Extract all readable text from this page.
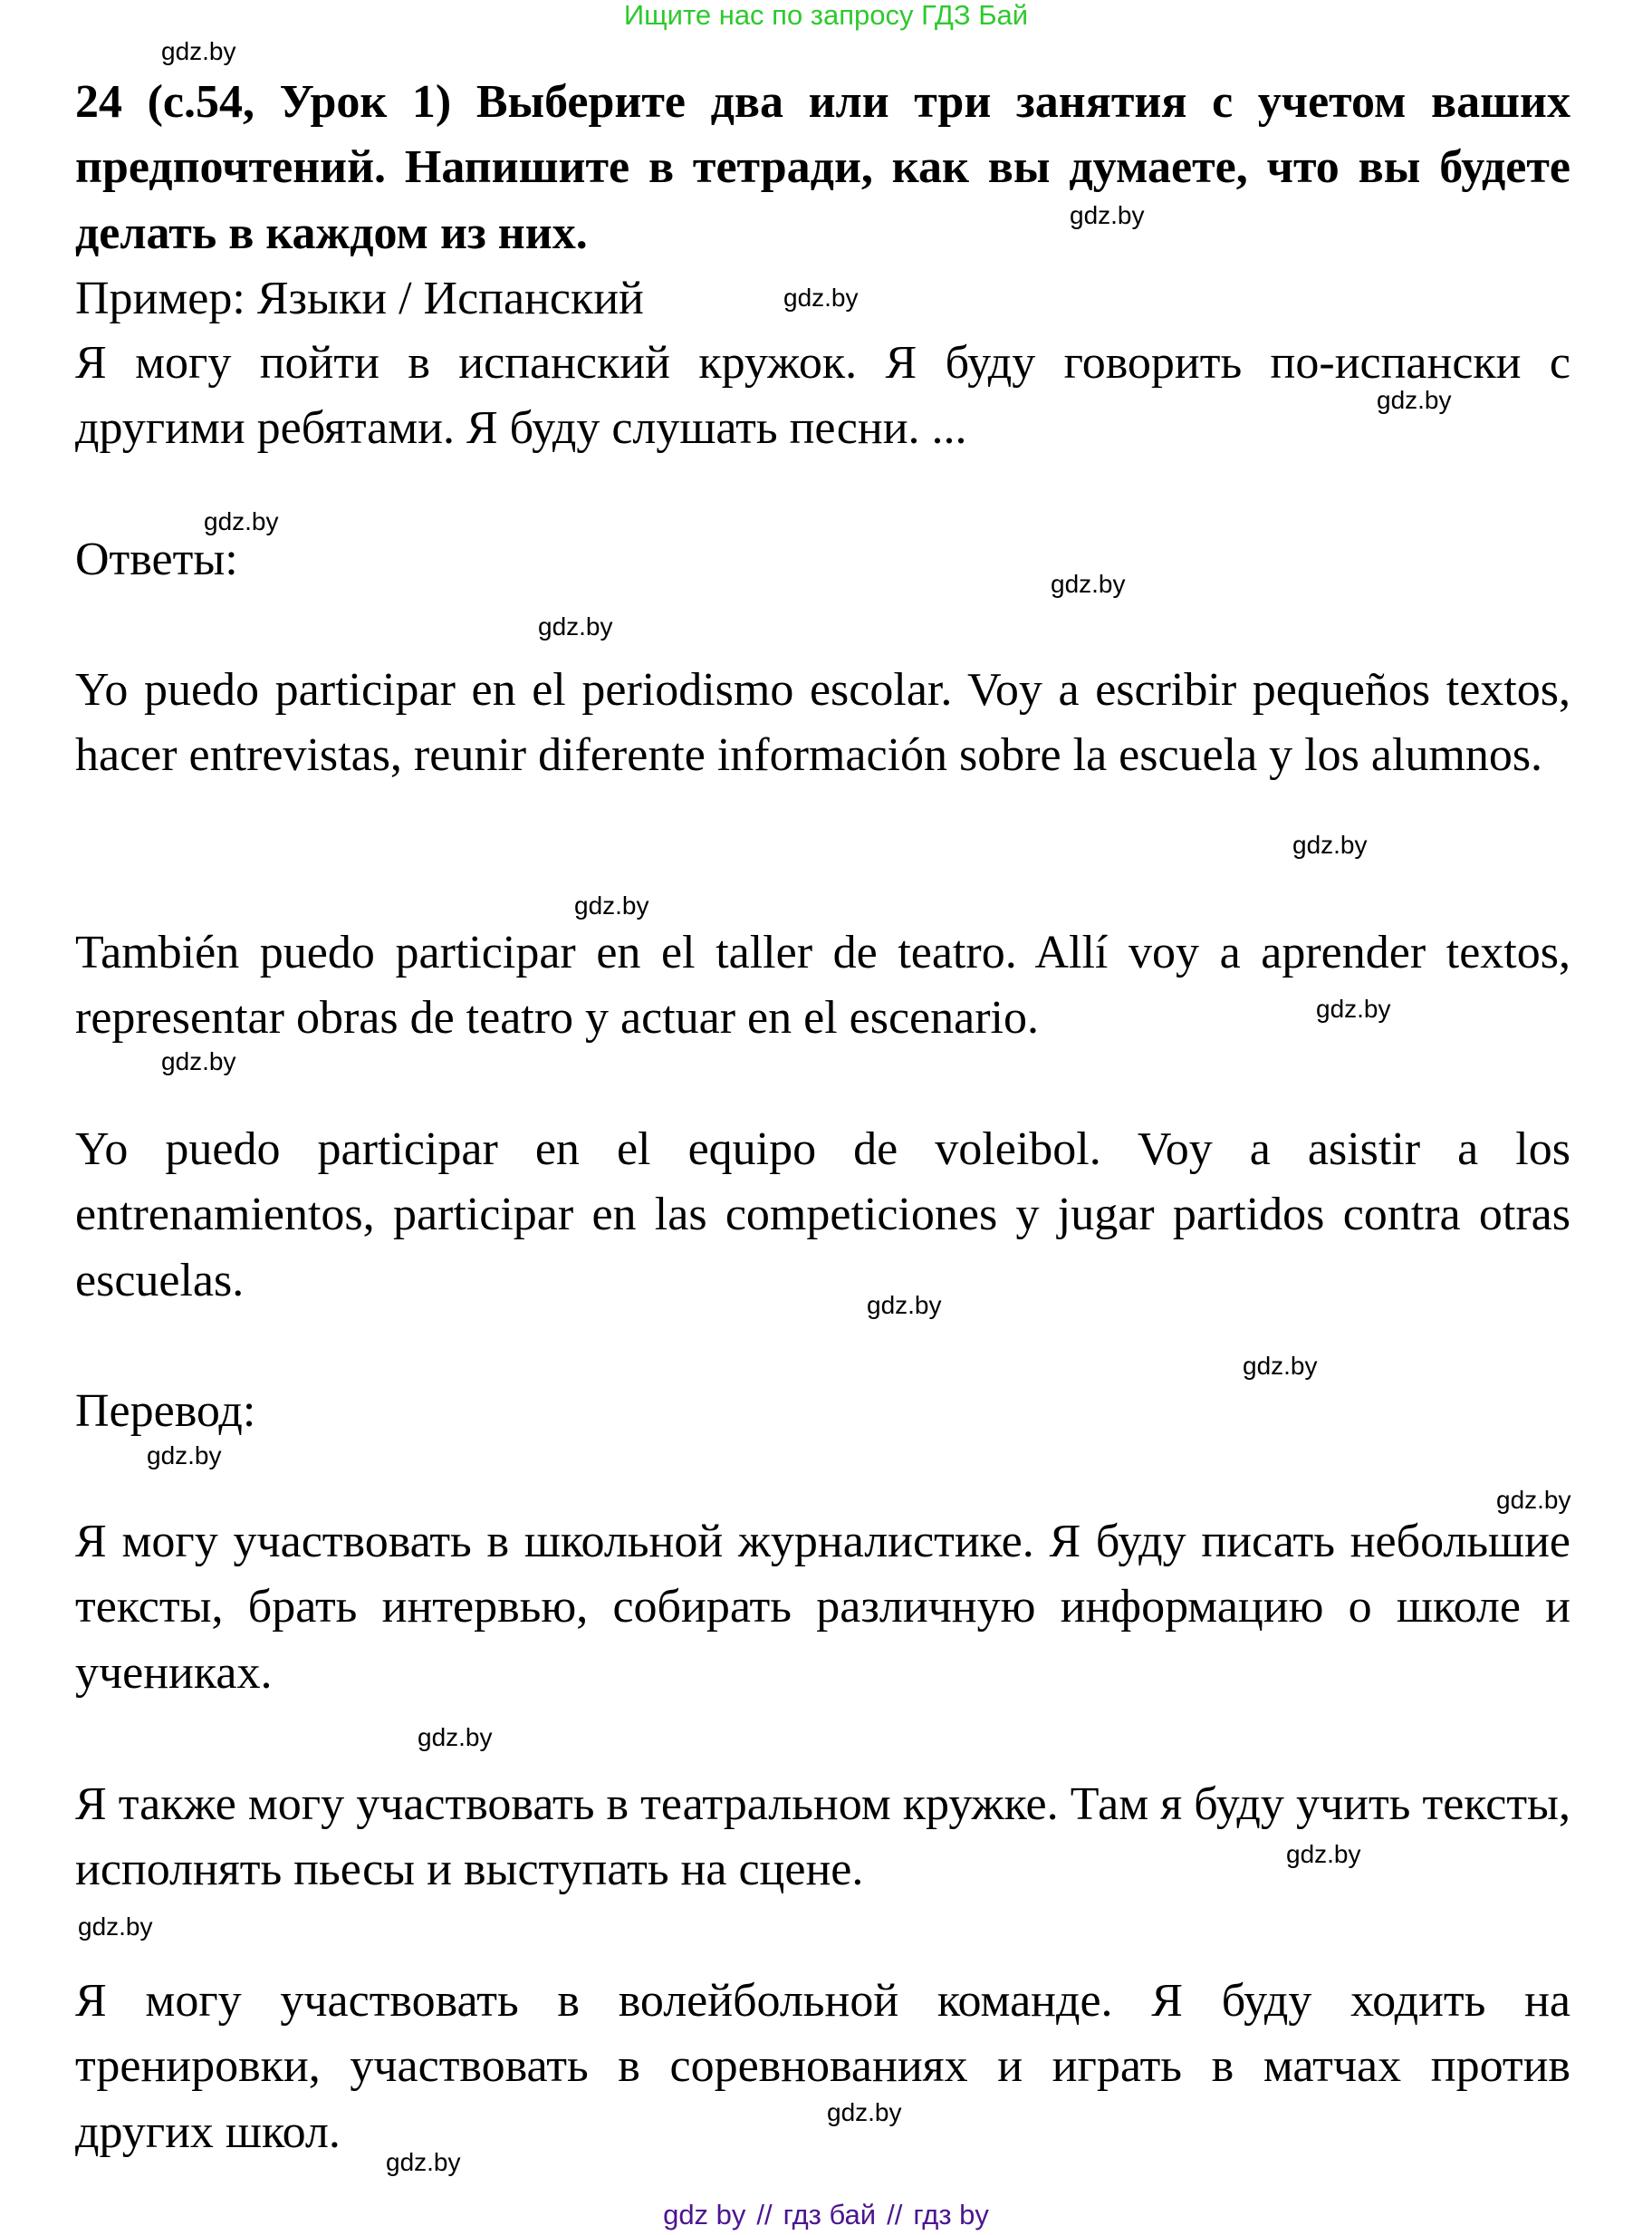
Ищите нас по запросу ГДЗ Бай

24 (с.54, Урок 1) Выберите два или три занятия с учетом ваших предпочтений. Напишите в тетради, как вы думаете, что вы будете делать в каждом из них.

Пример: Языки / Испанский

Я могу пойти в испанский кружок. Я буду говорить по-испански с другими ребятами. Я буду слушать песни. ...

Ответы:

Yo puedo participar en el periodismo escolar. Voy a escribir pequeños textos, hacer entrevistas, reunir diferente información sobre la escuela y los alumnos.

También puedo participar en el taller de teatro. Allí voy a aprender textos, representar obras de teatro y actuar en el escenario.

Yo puedo participar en el equipo de voleibol. Voy a asistir a los entrenamientos, participar en las competiciones y jugar partidos contra otras escuelas.

Перевод:

Я могу участвовать в школьной журналистике. Я буду писать небольшие тексты, брать интервью, собирать различную информацию о школе и учениках.

Я также могу участвовать в театральном кружке. Там я буду учить тексты, исполнять пьесы и выступать на сцене.

Я могу участвовать в волейбольной команде. Я буду ходить на тренировки, участвовать в соревнованиях и играть в матчах против других школ.

gdz.by
gdz.by
gdz.by
gdz.by
gdz.by
gdz.by
gdz.by
gdz.by
gdz.by
gdz.by
gdz.by
gdz.by
gdz.by
gdz.by
gdz.by
gdz.by
gdz.by
gdz.by
gdz.by
gdz.by
gdz by // гдз бай // гдз by
